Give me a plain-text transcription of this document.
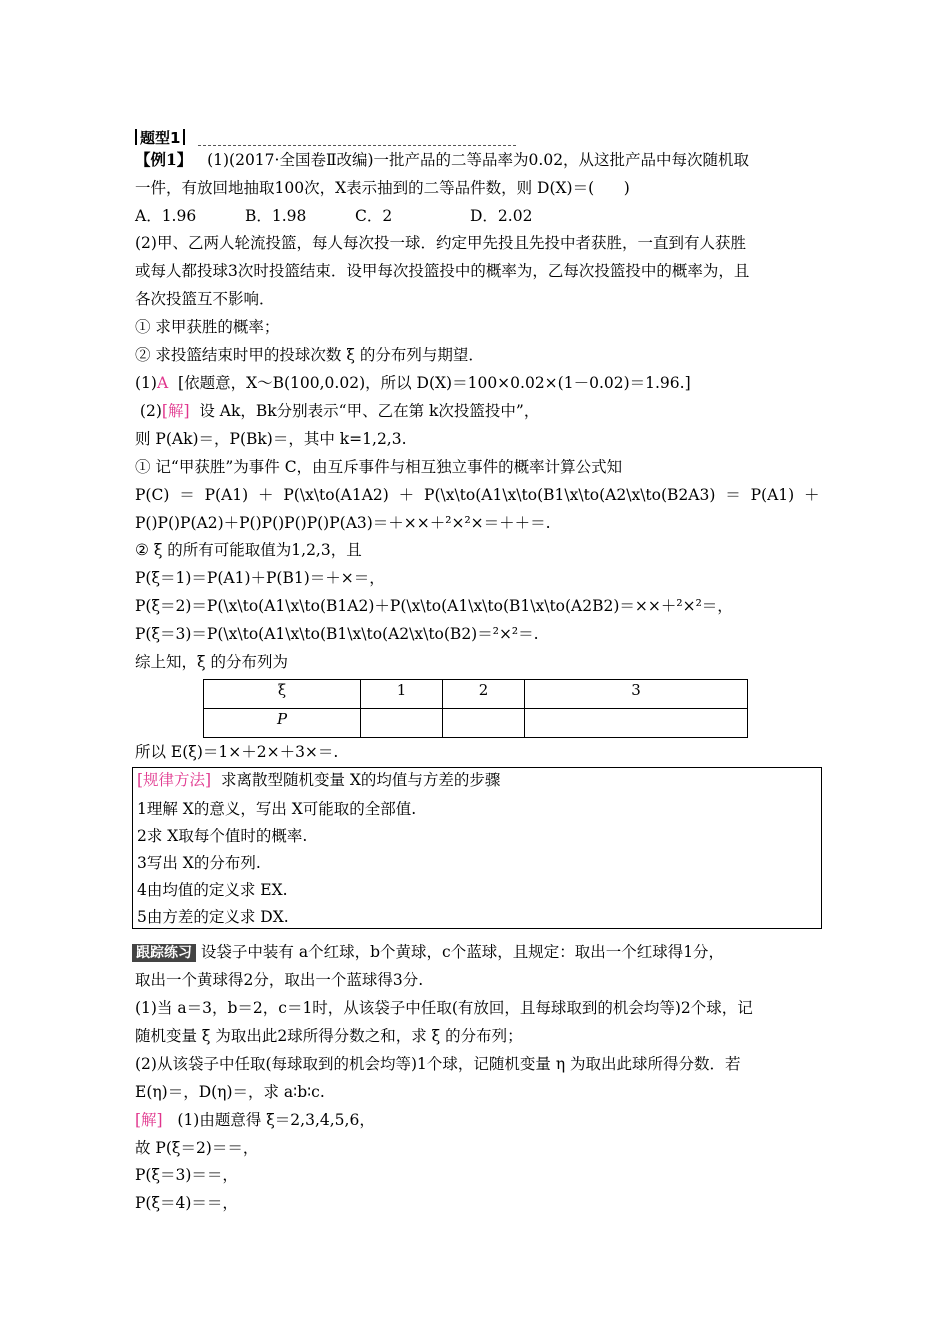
题型1
【例1】   (1)(2017·全国卷Ⅱ改编)一批产品的二等品率为0.02，从这批产品中每次随机取
一件，有放回地抽取100次，X表示抽到的二等品件数，则 D(X)＝(      )
A．1.96	B．1.98	C．2	D．2.02
(2)甲、乙两人轮流投篮，每人每次投一球．约定甲先投且先投中者获胜，一直到有人获胜
或每人都投球3次时投篮结束．设甲每次投篮投中的概率为，乙每次投篮投中的概率为，且
各次投篮互不影响．
① 求甲获胜的概率；
② 求投篮结束时甲的投球次数 ξ 的分布列与期望．
(1)A  [依题意，X～B(100,0.02)，所以 D(X)＝100×0.02×(1－0.02)＝1.96.]
(2)[解]  设 Ak，Bk分别表示“甲、乙在第 k次投篮投中”，
则 P(Ak)＝，P(Bk)＝，其中 k=1,2,3.
① 记“甲获胜”为事件 C，由互斥事件与相互独立事件的概率计算公式知
P(C)  ＝  P(A1)  ＋  P(\x\to(A1A2)  ＋  P(\x\to(A1\x\to(B1\x\to(A2\x\to(B2A3)  ＝  P(A1)  ＋
P()P()P(A2)＋P()P()P()P()P(A3)＝＋××＋²×²×＝＋＋＝.
② ξ 的所有可能取值为1,2,3，且
P(ξ＝1)＝P(A1)＋P(B1)＝＋×＝，
P(ξ＝2)＝P(\x\to(A1\x\to(B1A2)＋P(\x\to(A1\x\to(B1\x\to(A2B2)＝××＋²×²＝，
P(ξ＝3)＝P(\x\to(A1\x\to(B1\x\to(A2\x\to(B2)＝²×²＝.
综上知，ξ 的分布列为
ξ	1	2	3
P			
所以 E(ξ)＝1×＋2×＋3×＝.
[规律方法]  求离散型随机变量 X的均值与方差的步骤
1理解 X的意义，写出 X可能取的全部值.
2求 X取每个值时的概率.
3写出 X的分布列.
4由均值的定义求 EX.
5由方差的定义求 DX.
跟踪练习 设袋子中装有 a个红球，b个黄球，c个蓝球，且规定：取出一个红球得1分，
取出一个黄球得2分，取出一个蓝球得3分.
(1)当 a＝3，b＝2，c＝1时，从该袋子中任取(有放回，且每球取到的机会均等)2个球，记
随机变量 ξ 为取出此2球所得分数之和，求 ξ 的分布列；
(2)从该袋子中任取(每球取到的机会均等)1个球，记随机变量 η 为取出此球所得分数．若
E(η)＝，D(η)＝，求 a∶b∶c.
[解]   (1)由题意得 ξ＝2,3,4,5,6，
故 P(ξ＝2)＝＝，
P(ξ＝3)＝＝，
P(ξ＝4)＝＝，
